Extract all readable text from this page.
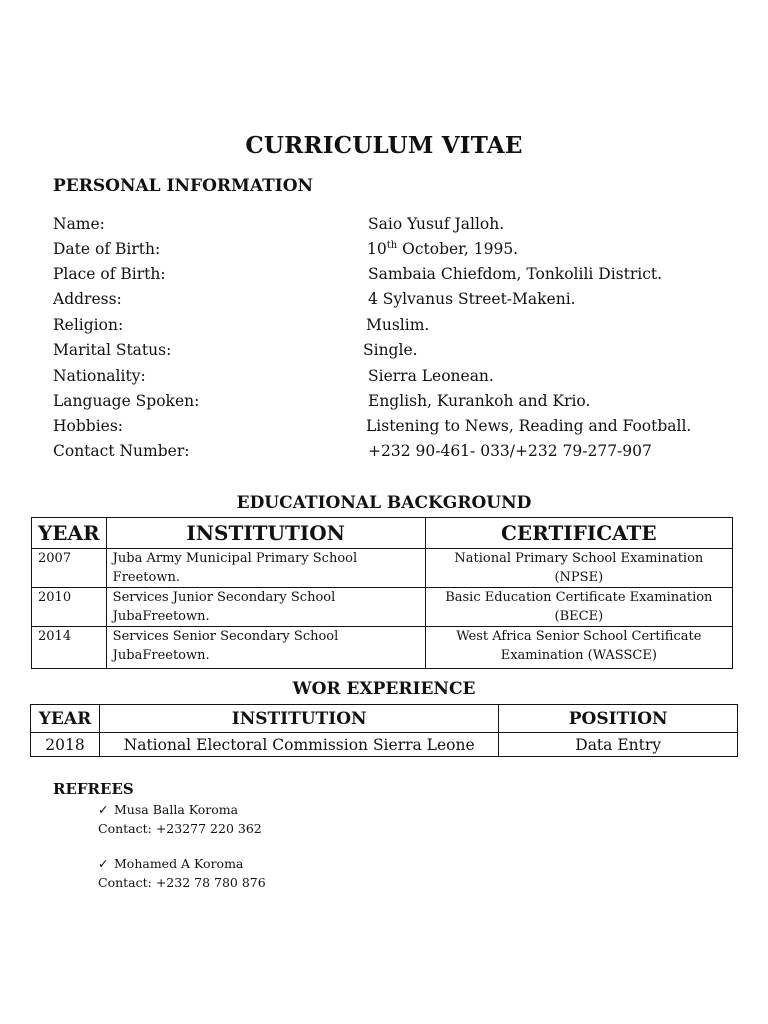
CURRICULUM VITAE
PERSONAL INFORMATION
Name:	Saio Yusuf Jalloh.
Date of Birth:	10th October, 1995.
Place of Birth:	Sambaia Chiefdom, Tonkolili District.
Address:	4 Sylvanus Street-Makeni.
Religion:	Muslim.
Marital Status:	Single.
Nationality:	Sierra Leonean.
Language Spoken:	English, Kurankoh and Krio.
Hobbies:	Listening to News, Reading and Football.
Contact Number:	+232 90-461- 033/+232 79-277-907
EDUCATIONAL BACKGROUND
YEAR	INSTITUTION	CERTIFICATE
2007	Juba Army Municipal Primary School Freetown.	National Primary School Examination (NPSE)
2010	Services Junior Secondary School JubaFreetown.	Basic Education Certificate Examination (BECE)
2014	Services Senior Secondary School JubaFreetown.	West Africa Senior School Certificate Examination (WASSCE)
WOR EXPERIENCE
YEAR	INSTITUTION	POSITION
2018	National Electoral Commission Sierra Leone	Data Entry
REFREES
✓ Musa Balla Koroma
Contact: +23277 220 362
✓ Mohamed A Koroma
Contact: +232 78 780 876
